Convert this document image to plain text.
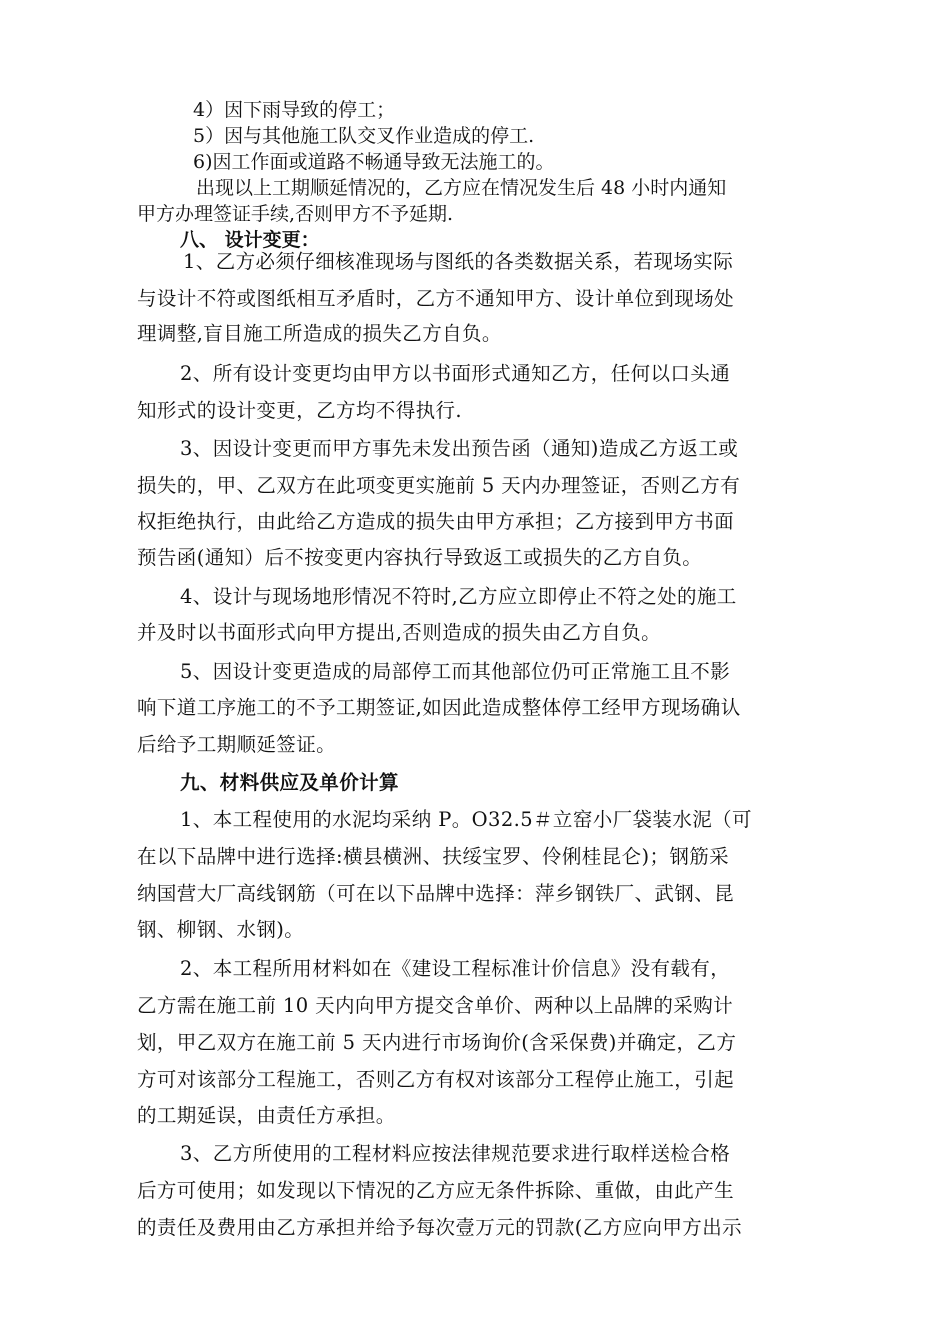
4）因下雨导致的停工；
5）因与其他施工队交叉作业造成的停工.
6)因工作面或道路不畅通导致无法施工的。
出现以上工期顺延情况的，乙方应在情况发生后 48 小时内通知
甲方办理签证手续,否则甲方不予延期.
八、 设计变更：
1、乙方必须仔细核准现场与图纸的各类数据关系，若现场实际
与设计不符或图纸相互矛盾时，乙方不通知甲方、设计单位到现场处
理调整,盲目施工所造成的损失乙方自负。
2、所有设计变更均由甲方以书面形式通知乙方，任何以口头通
知形式的设计变更，乙方均不得执行.
3、因设计变更而甲方事先未发出预告函（通知)造成乙方返工或
损失的，甲、乙双方在此项变更实施前 5 天内办理签证，否则乙方有
权拒绝执行，由此给乙方造成的损失由甲方承担；乙方接到甲方书面
预告函(通知）后不按变更内容执行导致返工或损失的乙方自负。
4、设计与现场地形情况不符时,乙方应立即停止不符之处的施工
并及时以书面形式向甲方提出,否则造成的损失由乙方自负。
5、因设计变更造成的局部停工而其他部位仍可正常施工且不影
响下道工序施工的不予工期签证,如因此造成整体停工经甲方现场确认
后给予工期顺延签证。
九、材料供应及单价计算
1、本工程使用的水泥均采纳 P。O32.5＃立窑小厂袋装水泥（可
在以下品牌中进行选择:横县横洲、扶绥宝罗、伶俐桂昆仑)；钢筋采
纳国营大厂高线钢筋（可在以下品牌中选择：萍乡钢铁厂、武钢、昆
钢、柳钢、水钢)。
2、本工程所用材料如在《建设工程标准计价信息》没有载有，
乙方需在施工前 10 天内向甲方提交含单价、两种以上品牌的采购计
划，甲乙双方在施工前 5 天内进行市场询价(含采保费)并确定，乙方
方可对该部分工程施工，否则乙方有权对该部分工程停止施工，引起
的工期延误，由责任方承担。
3、乙方所使用的工程材料应按法律规范要求进行取样送检合格
后方可使用；如发现以下情况的乙方应无条件拆除、重做，由此产生
的责任及费用由乙方承担并给予每次壹万元的罚款(乙方应向甲方出示
